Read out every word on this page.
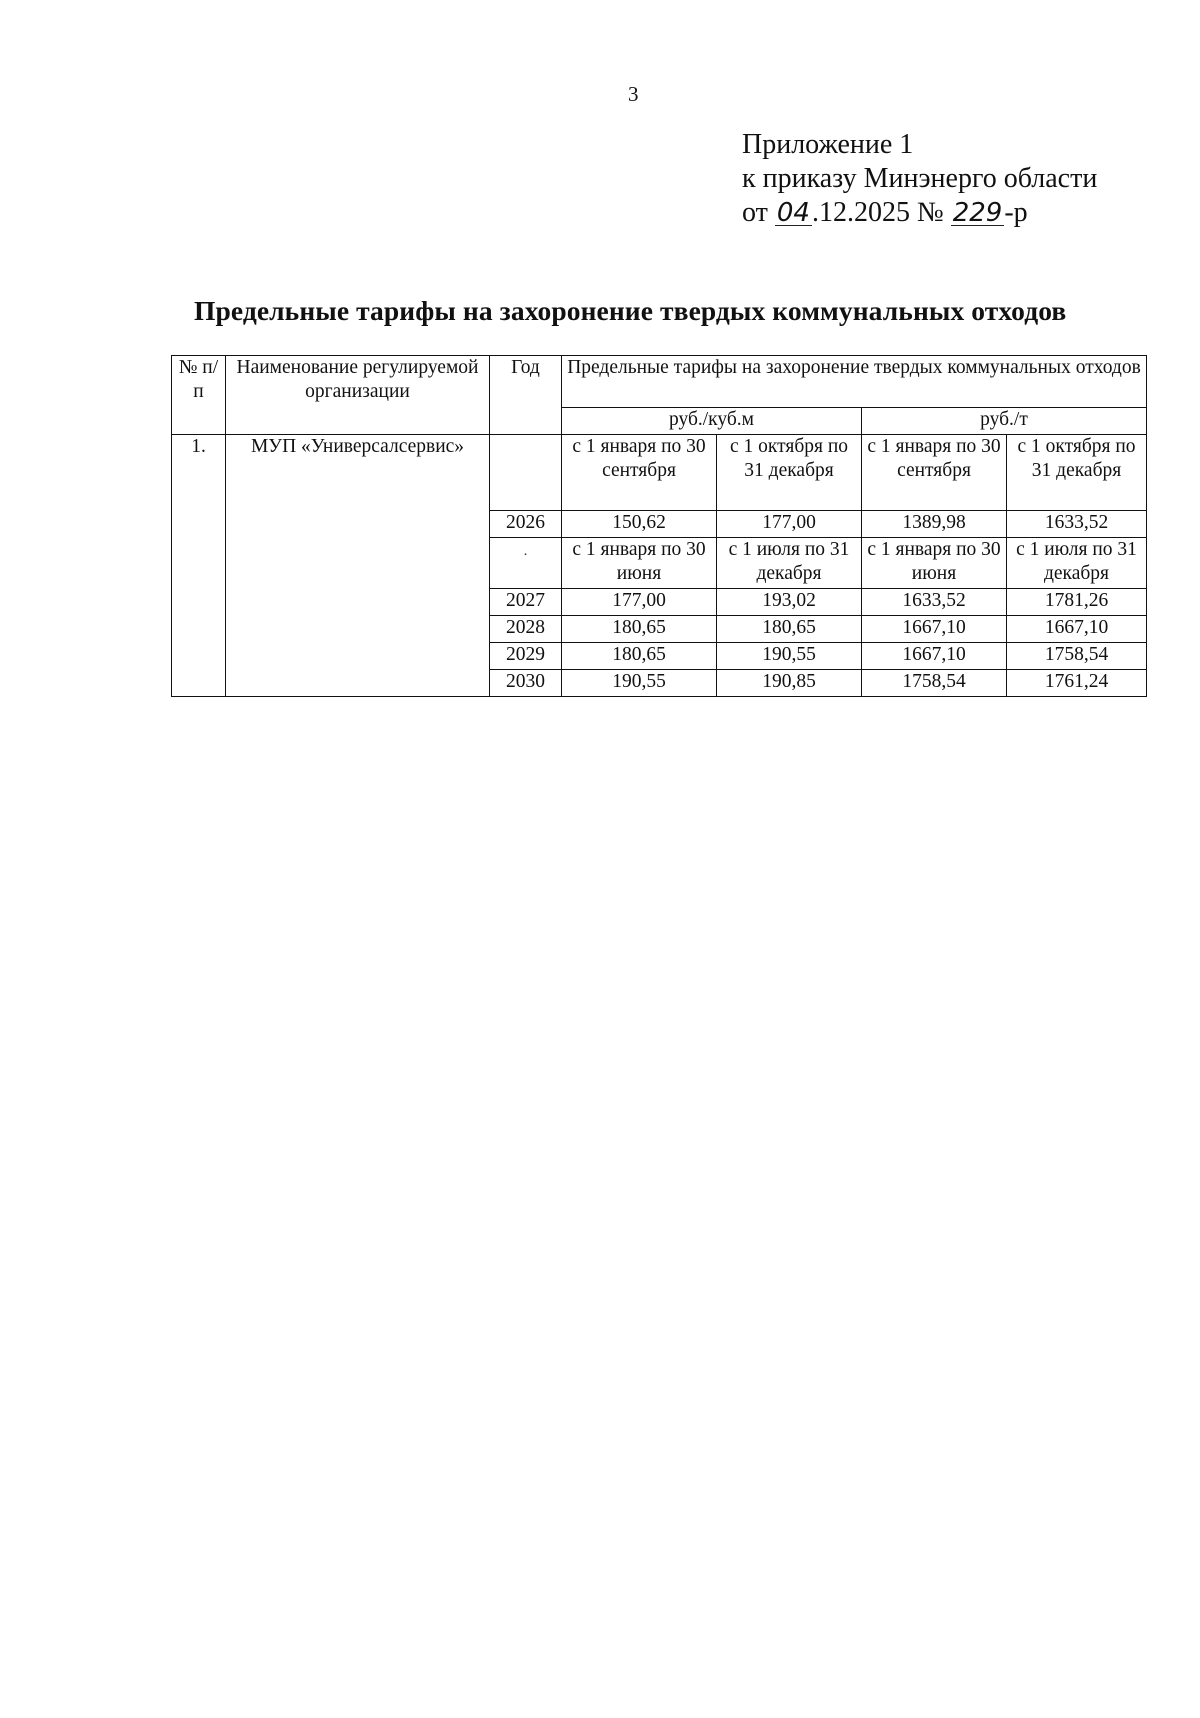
3
Приложение 1
к приказу Минэнерго области
от 04.12.2025 № 229-р
Предельные тарифы на захоронение твердых коммунальных отходов
№ п/п	Наименование регулируемой организации	Год	Предельные тарифы на захоронение твердых коммунальных отходов			
			руб./куб.м		руб./т	
1.	МУП «Универсалсервис»		с 1 января по 30 сентября	с 1 октября по 31 декабря	с 1 января по 30 сентября	с 1 октября по 31 декабря
		2026	150,62	177,00	1389,98	1633,52
		.	с 1 января по 30 июня	с 1 июля по 31 декабря	с 1 января по 30 июня	с 1 июля по 31 декабря
		2027	177,00	193,02	1633,52	1781,26
		2028	180,65	180,65	1667,10	1667,10
		2029	180,65	190,55	1667,10	1758,54
		2030	190,55	190,85	1758,54	1761,24
